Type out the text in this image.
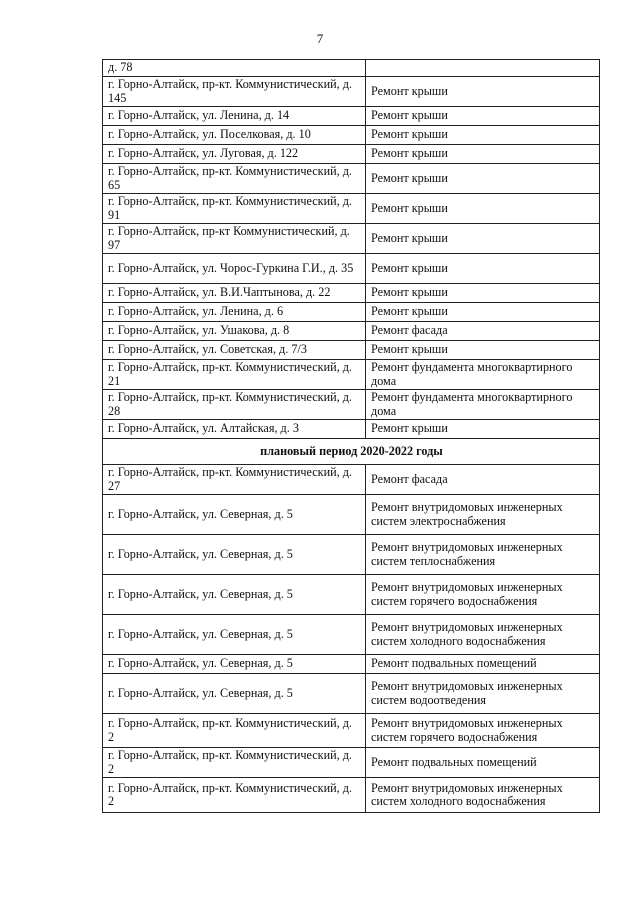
7
д. 78	
г. Горно-Алтайск, пр-кт. Коммунистический, д. 145	Ремонт крыши
г. Горно-Алтайск, ул. Ленина, д. 14	Ремонт крыши
г. Горно-Алтайск, ул. Поселковая, д. 10	Ремонт крыши
г. Горно-Алтайск, ул. Луговая, д. 122	Ремонт крыши
г. Горно-Алтайск, пр-кт. Коммунистический, д. 65	Ремонт крыши
г. Горно-Алтайск, пр-кт. Коммунистический, д. 91	Ремонт крыши
г. Горно-Алтайск, пр-кт Коммунистический, д. 97	Ремонт крыши
г. Горно-Алтайск, ул. Чорос-Гуркина Г.И., д. 35	Ремонт крыши
г. Горно-Алтайск, ул. В.И.Чаптынова, д. 22	Ремонт крыши
г. Горно-Алтайск, ул. Ленина, д. 6	Ремонт крыши
г. Горно-Алтайск, ул. Ушакова, д. 8	Ремонт фасада
г. Горно-Алтайск, ул. Советская, д. 7/3	Ремонт крыши
г. Горно-Алтайск, пр-кт. Коммунистический, д. 21	Ремонт фундамента многоквартирного дома
г. Горно-Алтайск, пр-кт. Коммунистический, д. 28	Ремонт фундамента многоквартирного дома
г. Горно-Алтайск, ул. Алтайская, д. 3	Ремонт крыши
плановый период 2020-2022 годы	
г. Горно-Алтайск, пр-кт. Коммунистический, д. 27	Ремонт фасада
г. Горно-Алтайск, ул. Северная, д. 5	Ремонт внутридомовых инженерных систем электроснабжения
г. Горно-Алтайск, ул. Северная, д. 5	Ремонт внутридомовых инженерных систем теплоснабжения
г. Горно-Алтайск, ул. Северная, д. 5	Ремонт внутридомовых инженерных систем горячего водоснабжения
г. Горно-Алтайск, ул. Северная, д. 5	Ремонт внутридомовых инженерных систем холодного водоснабжения
г. Горно-Алтайск, ул. Северная, д. 5	Ремонт подвальных помещений
г. Горно-Алтайск, ул. Северная, д. 5	Ремонт внутридомовых инженерных систем водоотведения
г. Горно-Алтайск, пр-кт. Коммунистический, д. 2	Ремонт внутридомовых инженерных систем горячего водоснабжения
г. Горно-Алтайск, пр-кт. Коммунистический, д. 2	Ремонт подвальных помещений
г. Горно-Алтайск, пр-кт. Коммунистический, д. 2	Ремонт внутридомовых инженерных систем холодного водоснабжения
